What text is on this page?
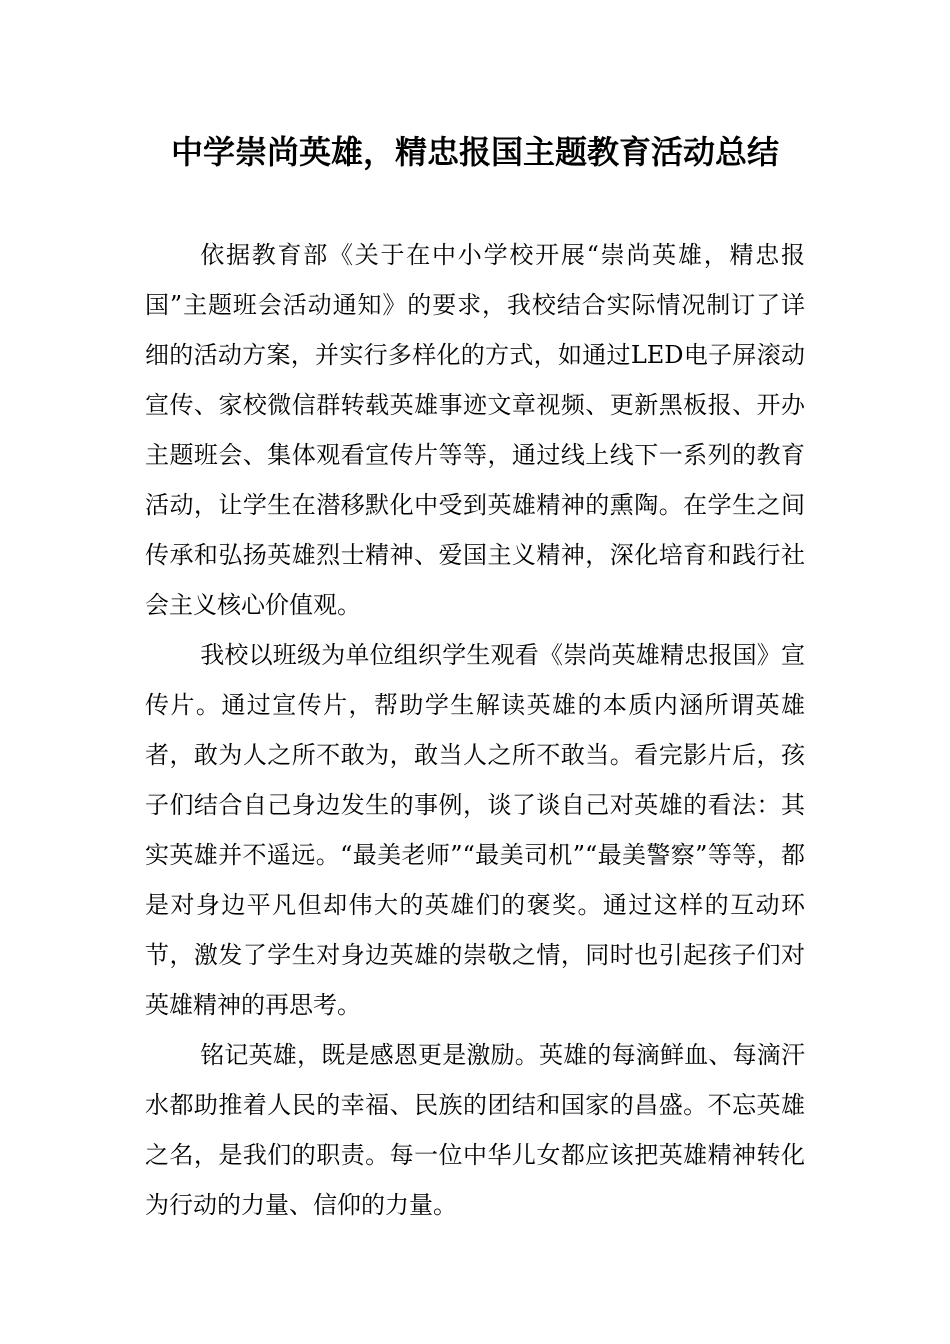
中学崇尚英雄，精忠报国主题教育活动总结

依据教育部《关于在中小学校开展“崇尚英雄，精忠报国”主题班会活动通知》的要求，我校结合实际情况制订了详细的活动方案，并实行多样化的方式，如通过LED电子屏滚动宣传、家校微信群转载英雄事迹文章视频、更新黑板报、开办主题班会、集体观看宣传片等等，通过线上线下一系列的教育活动，让学生在潜移默化中受到英雄精神的熏陶。在学生之间传承和弘扬英雄烈士精神、爱国主义精神，深化培育和践行社会主义核心价值观。

我校以班级为单位组织学生观看《崇尚英雄精忠报国》宣传片。通过宣传片，帮助学生解读英雄的本质内涵所谓英雄者，敢为人之所不敢为，敢当人之所不敢当。看完影片后，孩子们结合自己身边发生的事例，谈了谈自己对英雄的看法：其实英雄并不遥远。“最美老师”“最美司机”“最美警察”等等，都是对身边平凡但却伟大的英雄们的褒奖。通过这样的互动环节，激发了学生对身边英雄的崇敬之情，同时也引起孩子们对英雄精神的再思考。

铭记英雄，既是感恩更是激励。英雄的每滴鲜血、每滴汗水都助推着人民的幸福、民族的团结和国家的昌盛。不忘英雄之名，是我们的职责。每一位中华儿女都应该把英雄精神转化为行动的力量、信仰的力量。
